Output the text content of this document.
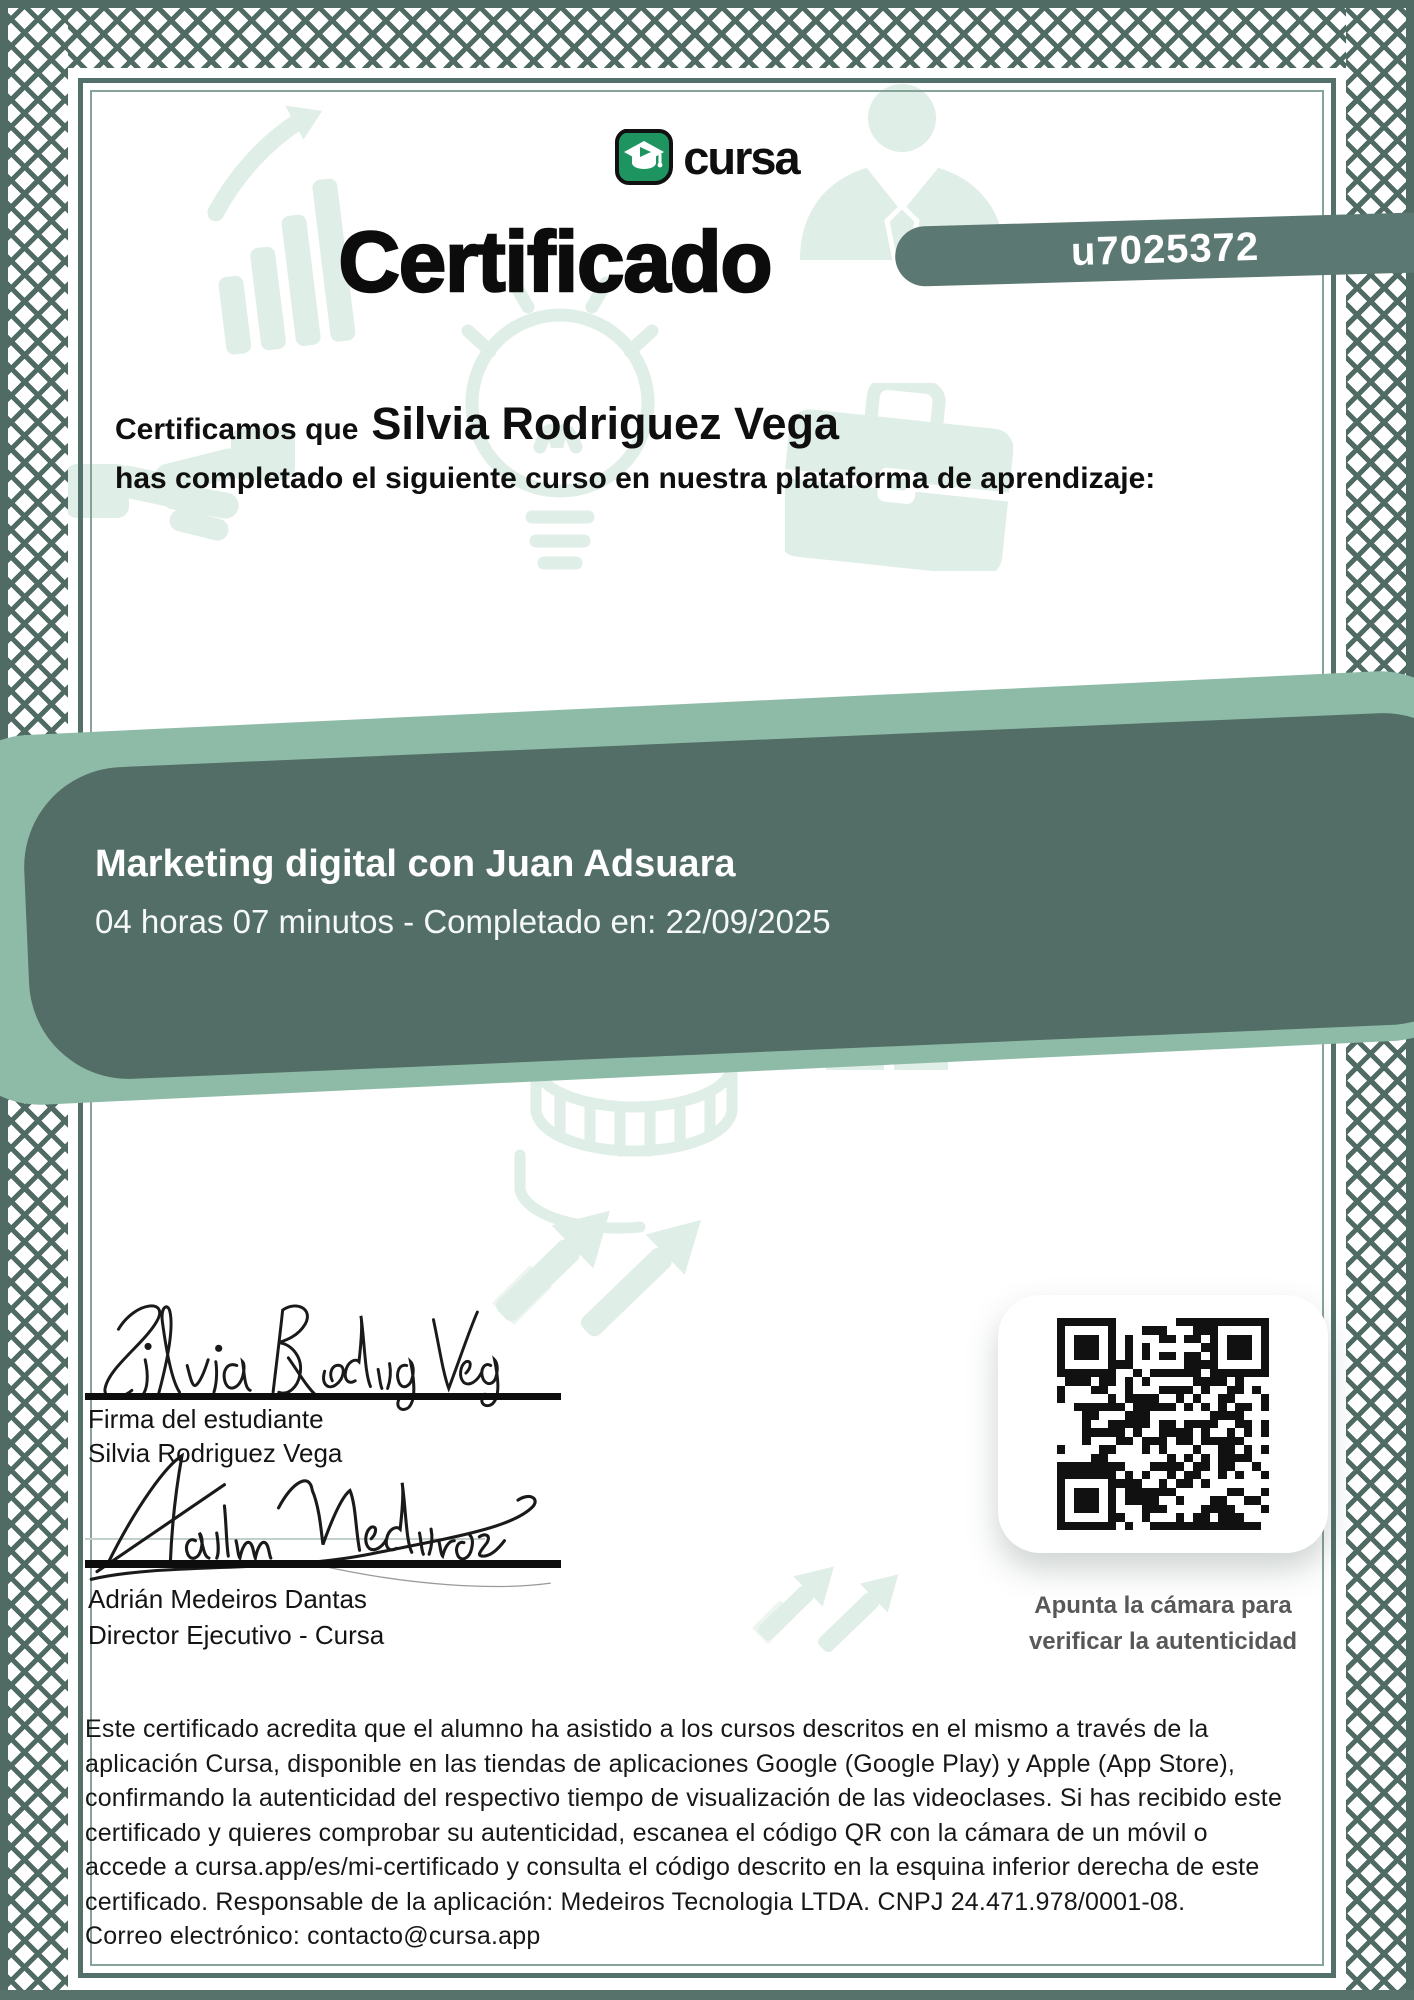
cursa
Certificado	u7025372
Certificamos que Silvia Rodriguez Vega
has completado el siguiente curso en nuestra plataforma de aprendizaje:
Marketing digital con Juan Adsuara
04 horas 07 minutos - Completado en: 22/09/2025
Firma del estudiante
Silvia Rodriguez Vega
Adrián Medeiros Dantas
Director Ejecutivo - Cursa
Apunta la cámara para
verificar la autenticidad
Este certificado acredita que el alumno ha asistido a los cursos descritos en el mismo a través de la
aplicación Cursa, disponible en las tiendas de aplicaciones Google (Google Play) y Apple (App Store),
confirmando la autenticidad del respectivo tiempo de visualización de las videoclases. Si has recibido este
certificado y quieres comprobar su autenticidad, escanea el código QR con la cámara de un móvil o
accede a cursa.app/es/mi-certificado y consulta el código descrito en la esquina inferior derecha de este
certificado. Responsable de la aplicación: Medeiros Tecnologia LTDA. CNPJ 24.471.978/0001-08.
Correo electrónico: contacto@cursa.app
